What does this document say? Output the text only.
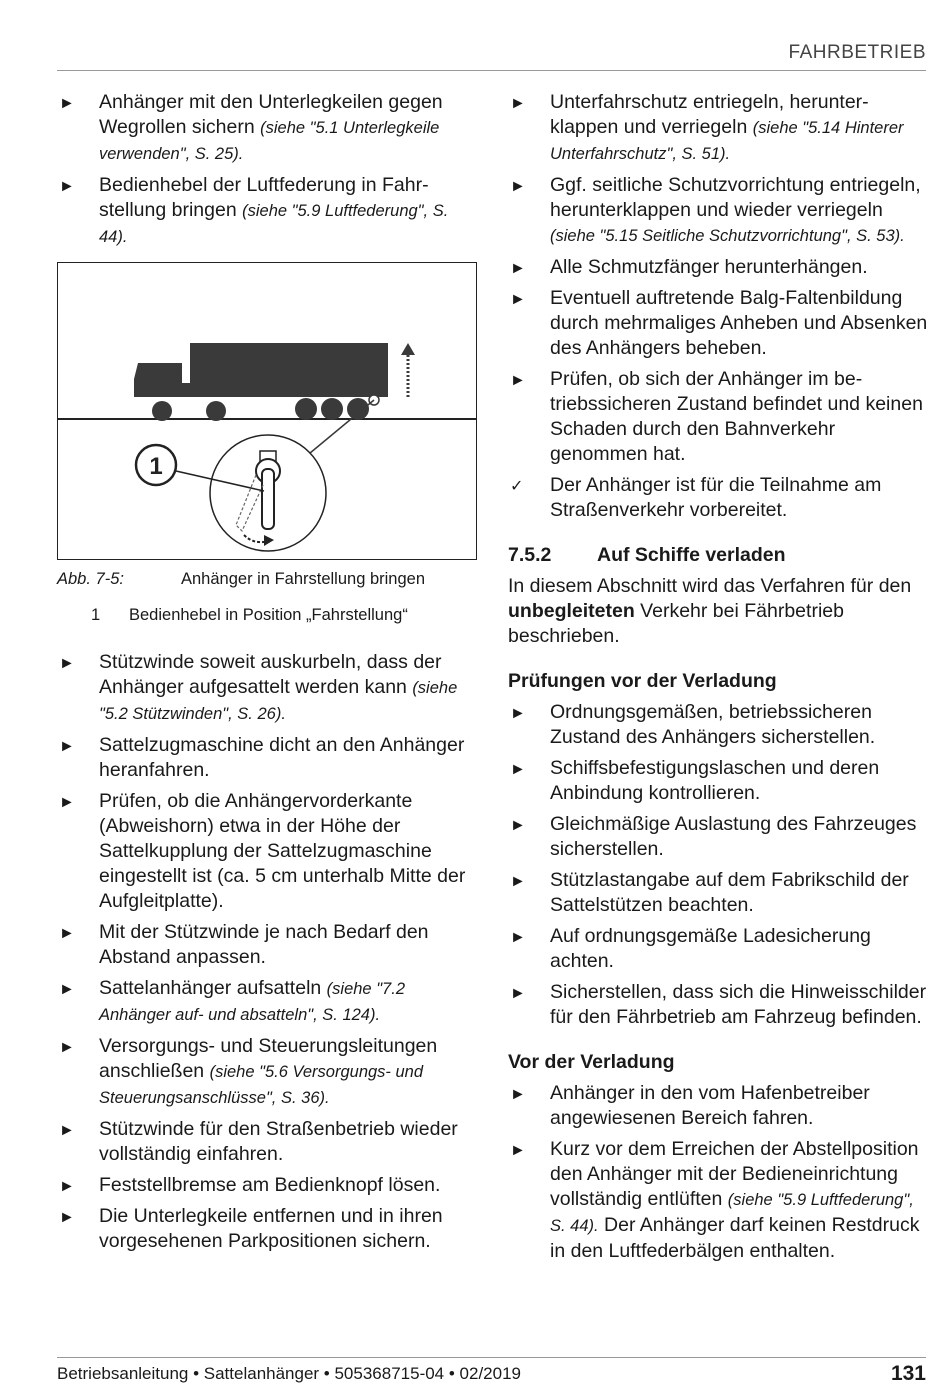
FAHRBETRIEB
► Anhänger mit den Unterlegkeilen gegen Wegrollen sichern (siehe "5.1 Unterlegkeile verwenden", S. 25).
► Bedienhebel der Luftfederung in Fahrstellung bringen (siehe "5.9 Luftfederung", S. 44).
1
Abb. 7-5:	Anhänger in Fahrstellung bringen
1	Bedienhebel in Position „Fahrstellung“
► Stützwinde soweit auskurbeln, dass der Anhänger aufgesattelt werden kann (siehe "5.2 Stützwinden", S. 26).
► Sattelzugmaschine dicht an den Anhänger heranfahren.
► Prüfen, ob die Anhängervorderkante (Abweishorn) etwa in der Höhe der Sattelkupplung der Sattelzugmaschine eingestellt ist (ca. 5 cm unterhalb Mitte der Aufgleitplatte).
► Mit der Stützwinde je nach Bedarf den Abstand anpassen.
► Sattelanhänger aufsatteln (siehe "7.2 Anhänger auf- und absatteln", S. 124).
► Versorgungs- und Steuerungsleitungen anschließen (siehe "5.6 Versorgungs- und Steuerungsanschlüsse", S. 36).
► Stützwinde für den Straßenbetrieb wieder vollständig einfahren.
► Feststellbremse am Bedienknopf lösen.
► Die Unterlegkeile entfernen und in ihren vorgesehenen Parkpositionen sichern.
► Unterfahrschutz entriegeln, herunterklappen und verriegeln (siehe "5.14 Hinterer Unterfahrschutz", S. 51).
► Ggf. seitliche Schutzvorrichtung entriegeln, herunterklappen und wieder verriegeln (siehe "5.15 Seitliche Schutzvorrichtung", S. 53).
► Alle Schmutzfänger herunterhängen.
► Eventuell auftretende Balg-Faltenbildung durch mehrmaliges Anheben und Absenken des Anhängers beheben.
► Prüfen, ob sich der Anhänger im betriebssicheren Zustand befindet und keinen Schaden durch den Bahnverkehr genommen hat.
✓ Der Anhänger ist für die Teilnahme am Straßenverkehr vorbereitet.
7.5.2	Auf Schiffe verladen
In diesem Abschnitt wird das Verfahren für den unbegleiteten Verkehr bei Fährbetrieb beschrieben.
Prüfungen vor der Verladung
► Ordnungsgemäßen, betriebssicheren Zustand des Anhängers sicherstellen.
► Schiffsbefestigungslaschen und deren Anbindung kontrollieren.
► Gleichmäßige Auslastung des Fahrzeuges sicherstellen.
► Stützlastangabe auf dem Fabrikschild der Sattelstützen beachten.
► Auf ordnungsgemäße Ladesicherung achten.
► Sicherstellen, dass sich die Hinweisschilder für den Fährbetrieb am Fahrzeug befinden.
Vor der Verladung
► Anhänger in den vom Hafenbetreiber angewiesenen Bereich fahren.
► Kurz vor dem Erreichen der Abstellposition den Anhänger mit der Bedieneinrichtung vollständig entlüften (siehe "5.9 Luftfederung", S. 44). Der Anhänger darf keinen Restdruck in den Luftfederbälgen enthalten.
Betriebsanleitung • Sattelanhänger • 505368715-04 • 02/2019	131
